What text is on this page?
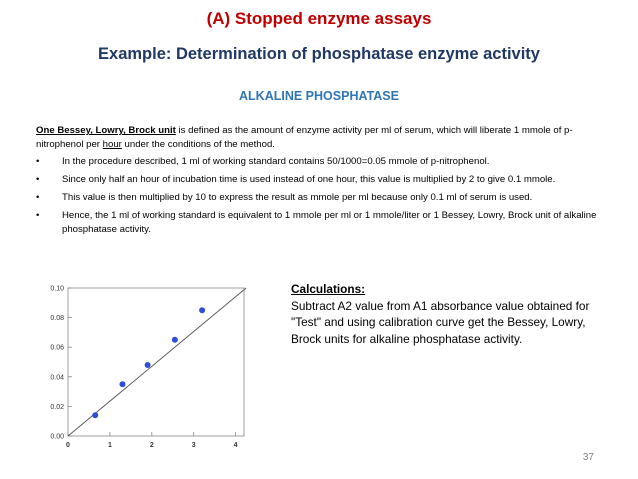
(A) Stopped enzyme assays
Example: Determination of phosphatase enzyme activity
ALKALINE PHOSPHATASE

One Bessey, Lowry, Brock unit is defined as the amount of enzyme activity per ml of serum, which will liberate 1 mmole of p-nitrophenol per hour under the conditions of the method.

• In the procedure described, 1 ml of working standard contains 50/1000=0.05 mmole of p-nitrophenol.
• Since only half an hour of incubation time is used instead of one hour, this value is multiplied by 2 to give 0.1 mmole.
• This value is then multiplied by 10 to express the result as mmole per ml because only 0.1 ml of serum is used.
• Hence, the 1 ml of working standard is equivalent to 1 mmole per ml or 1 mmole/liter or 1 Bessey, Lowry, Brock unit of alkaline phosphatase activity.
0.00
0.02
0.04
0.06
0.08
0.10
0	1	2	3	4
Calculations:
Subtract A2 value from A1 absorbance value obtained for "Test" and using calibration curve get the Bessey, Lowry, Brock units for alkaline phosphatase activity.
37
